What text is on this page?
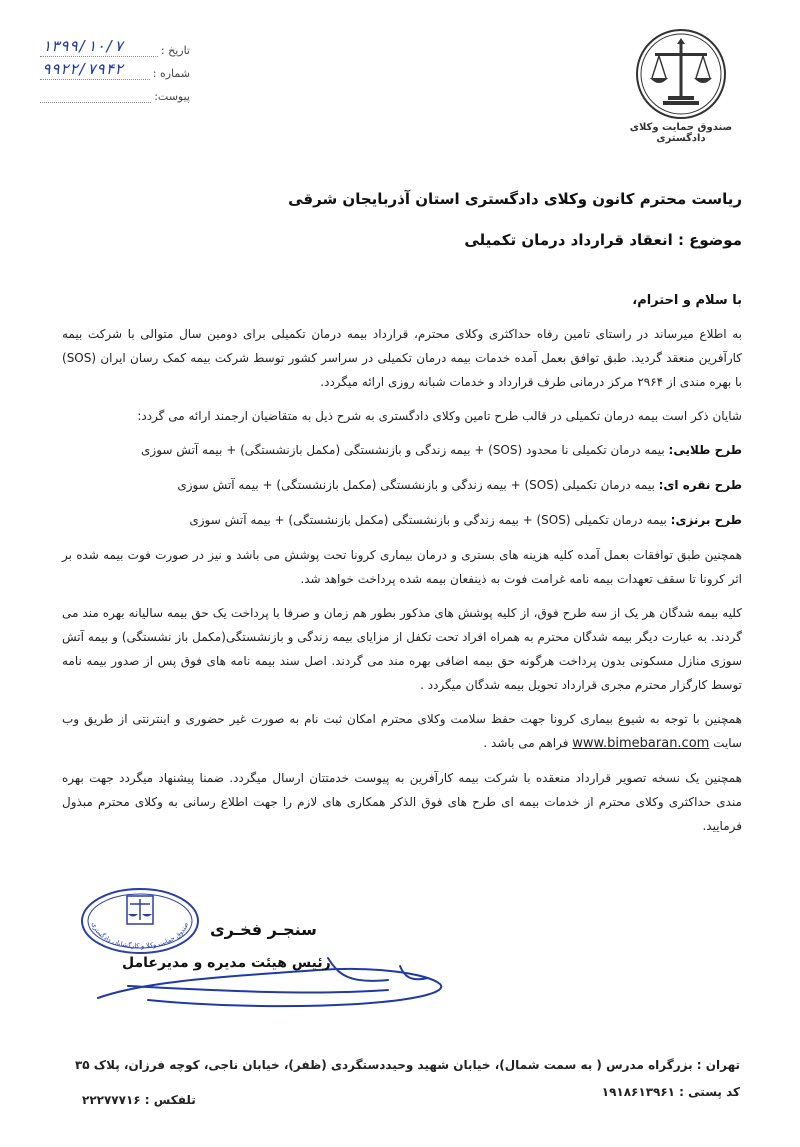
تاریخ :
۱۳۹۹/۱۰/۷
شماره :
۹۹۲۲/۷۹۴۲
پیوست:
صندوق حمایت وکلای دادگستری
ریاست محترم کانون وکلای دادگستری استان آذربایجان شرقی
موضوع : انعقاد قرارداد درمان تکمیلی
با سلام و احترام،

به اطلاع میرساند در راستای تامین رفاه حداکثری وکلای محترم، قرارداد بیمه درمان تکمیلی برای دومین سال متوالی با شرکت بیمه کارآفرین منعقد گردید. طبق توافق بعمل آمده خدمات بیمه درمان تکمیلی در سراسر کشور توسط شرکت بیمه کمک رسان ایران (SOS) با بهره مندی از ۲۹۶۴ مرکز درمانی طرف قرارداد و خدمات شبانه روزی ارائه میگردد.

شایان ذکر است بیمه درمان تکمیلی در قالب طرح تامین وکلای دادگستری به شرح ذیل به متقاضیان ارجمند ارائه می گردد:

طرح طلایی: بیمه درمان تکمیلی نا محدود (SOS) + بیمه زندگی و بازنشستگی (مکمل بازنشستگی) + بیمه آتش سوزی

طرح نقره ای: بیمه درمان تکمیلی (SOS) + بیمه زندگی و بازنشستگی (مکمل بازنشستگی) + بیمه آتش سوزی

طرح برنزی: بیمه درمان تکمیلی (SOS) + بیمه زندگی و بازنشستگی (مکمل بازنشستگی) + بیمه آتش سوزی

همچنین طبق توافقات بعمل آمده کلیه هزینه های بستری و درمان بیماری کرونا تحت پوشش می باشد و نیز در صورت فوت بیمه شده بر اثر کرونا تا سقف تعهدات بیمه نامه غرامت فوت به ذینفعان بیمه شده پرداخت خواهد شد.

کلیه بیمه شدگان هر یک از سه طرح فوق، از کلیه پوشش های مذکور بطور هم زمان و صرفا با پرداخت یک حق بیمه سالیانه بهره مند می گردند. به عبارت دیگر بیمه شدگان محترم به همراه افراد تحت تکفل از مزایای بیمه زندگی و بازنشستگی(مکمل باز نشستگی) و بیمه آتش سوزی منازل مسکونی بدون پرداخت هرگونه حق بیمه اضافی بهره مند می گردند. اصل سند بیمه نامه های فوق پس از صدور بیمه نامه توسط کارگزار محترم مجری قرارداد تحویل بیمه شدگان میگردد .

همچنین با توجه به شیوع بیماری کرونا جهت حفظ سلامت وکلای محترم امکان ثبت نام به صورت غیر حضوری و اینترنتی از طریق وب سایت www.bimebaran.com فراهم می باشد .

همچنین یک نسخه تصویر قرارداد منعقده با شرکت بیمه کارآفرین به پیوست خدمتتان ارسال میگردد. ضمنا پیشنهاد میگردد جهت بهره مندی حداکثری وکلای محترم از خدمات بیمه ای طرح های فوق الذکر همکاری های لازم را جهت اطلاع رسانی به وکلای محترم مبذول فرمایید.

صندوق حمایت وکلا و کارگشایان دادگستری سنجـر فخـری
رئیس هیئت مدیره و مدیرعامل
تهران : بزرگراه مدرس ( به سمت شمال)، خیابان شهید وحیددستگردی (ظفر)، خیابان ناجی، کوچه فرزان، پلاک ۳۵
کد پستی : ۱۹۱۸۶۱۳۹۶۱
تلفکس : ۲۲۲۷۷۷۱۶
